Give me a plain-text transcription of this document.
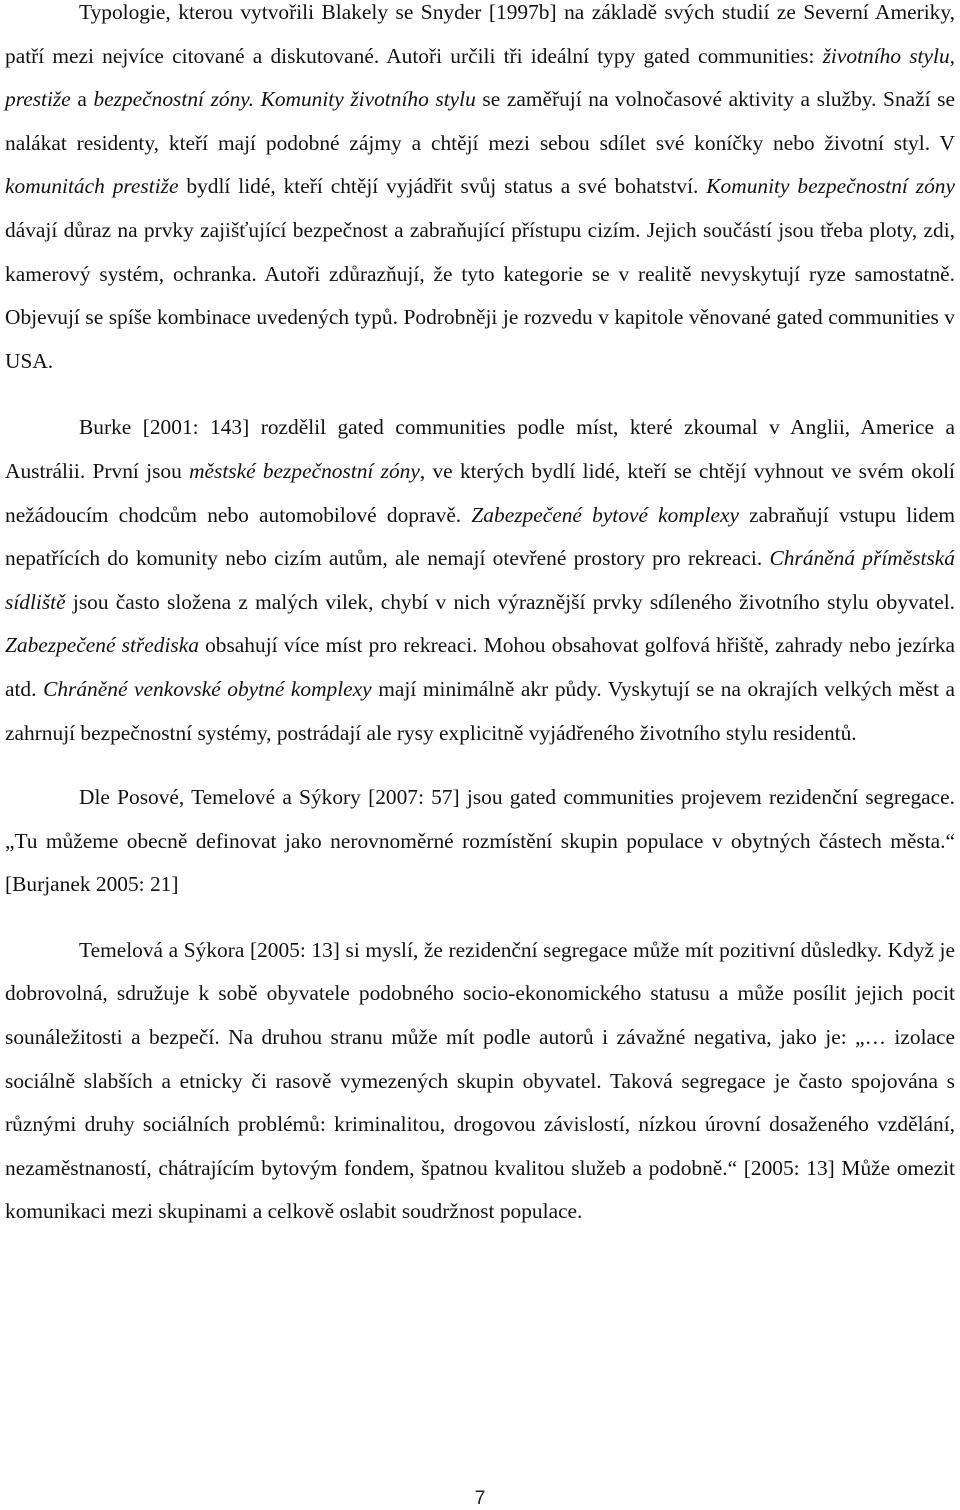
Typologie, kterou vytvořili Blakely se Snyder [1997b] na základě svých studií ze Severní Ameriky, patří mezi nejvíce citované a diskutované. Autoři určili tři ideální typy gated communities: životního stylu, prestiže a bezpečnostní zóny. Komunity životního stylu se zaměřují na volnočasové aktivity a služby. Snaží se nalákat residenty, kteří mají podobné zájmy a chtějí mezi sebou sdílet své koníčky nebo životní styl. V komunitách prestiže bydlí lidé, kteří chtějí vyjádřit svůj status a své bohatství. Komunity bezpečnostní zóny dávají důraz na prvky zajišťující bezpečnost a zabraňující přístupu cizím. Jejich součástí jsou třeba ploty, zdi, kamerový systém, ochranka. Autoři zdůrazňují, že tyto kategorie se v realitě nevyskytují ryze samostatně. Objevují se spíše kombinace uvedených typů. Podrobněji je rozvedu v kapitole věnované gated communities v USA.

Burke [2001: 143] rozdělil gated communities podle míst, které zkoumal v Anglii, Americe a Austrálii. První jsou městské bezpečnostní zóny, ve kterých bydlí lidé, kteří se chtějí vyhnout ve svém okolí nežádoucím chodcům nebo automobilové dopravě. Zabezpečené bytové komplexy zabraňují vstupu lidem nepatřících do komunity nebo cizím autům, ale nemají otevřené prostory pro rekreaci. Chráněná příměstská sídliště jsou často složena z malých vilek, chybí v nich výraznější prvky sdíleného životního stylu obyvatel. Zabezpečené střediska obsahují více míst pro rekreaci. Mohou obsahovat golfová hřiště, zahrady nebo jezírka atd. Chráněné venkovské obytné komplexy mají minimálně akr půdy. Vyskytují se na okrajích velkých měst a zahrnují bezpečnostní systémy, postrádají ale rysy explicitně vyjádřeného životního stylu residentů.

Dle Posové, Temelové a Sýkory [2007: 57] jsou gated communities projevem rezidenční segregace. „Tu můžeme obecně definovat jako nerovnoměrné rozmístění skupin populace v obytných částech města.“ [Burjanek 2005: 21]

Temelová a Sýkora [2005: 13] si myslí, že rezidenční segregace může mít pozitivní důsledky. Když je dobrovolná, sdružuje k sobě obyvatele podobného socio-ekonomického statusu a může posílit jejich pocit sounáležitosti a bezpečí. Na druhou stranu může mít podle autorů i závažné negativa, jako je: „… izolace sociálně slabších a etnicky či rasově vymezených skupin obyvatel. Taková segregace je často spojována s různými druhy sociálních problémů: kriminalitou, drogovou závislostí, nízkou úrovní dosaženého vzdělání, nezaměstnaností, chátrajícím bytovým fondem, špatnou kvalitou služeb a podobně.“ [2005: 13] Může omezit komunikaci mezi skupinami a celkově oslabit soudržnost populace.

7
